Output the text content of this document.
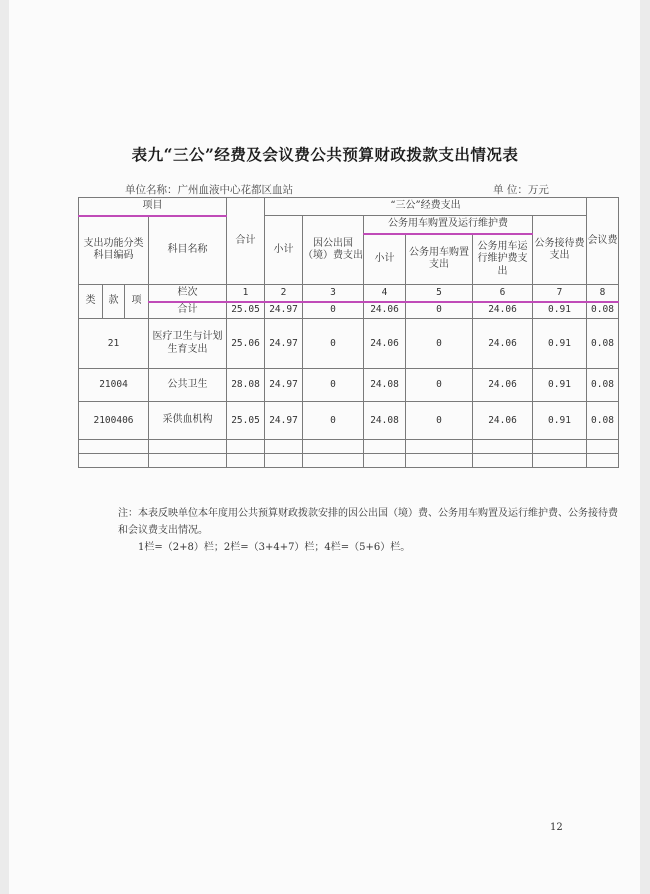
表九“三公”经费及会议费公共预算财政拨款支出情况表
单位名称：广州血液中心花都区血站	单 位：万元
项目				合计	“三公”经费支出						会议费
支出功能分类科目编码			科目名称		小计	因公出国（境）费支出	公务用车购置及运行维护费			公务接待费支出	
							小计	公务用车购置支出	公务用车运行维护费支出		

类	款	项	栏次	1	2	3	4	5	6	7	8
			合计	25.05	24.97	0	24.06	0	24.06	0.91	0.08
21			医疗卫生与计划生育支出	25.06	24.97	0	24.06	0	24.06	0.91	0.08
21004			公共卫生	28.08	24.97	0	24.08	0	24.06	0.91	0.08
2100406			采供血机构	25.05	24.97	0	24.08	0	24.06	0.91	0.08

注：本表反映单位本年度用公共预算财政拨款安排的因公出国（境）费、公务用车购置及运行维护费、公务接待费和会议费支出情况。

1栏=（2+8）栏；2栏=（3+4+7）栏；4栏=（5+6）栏。

12
